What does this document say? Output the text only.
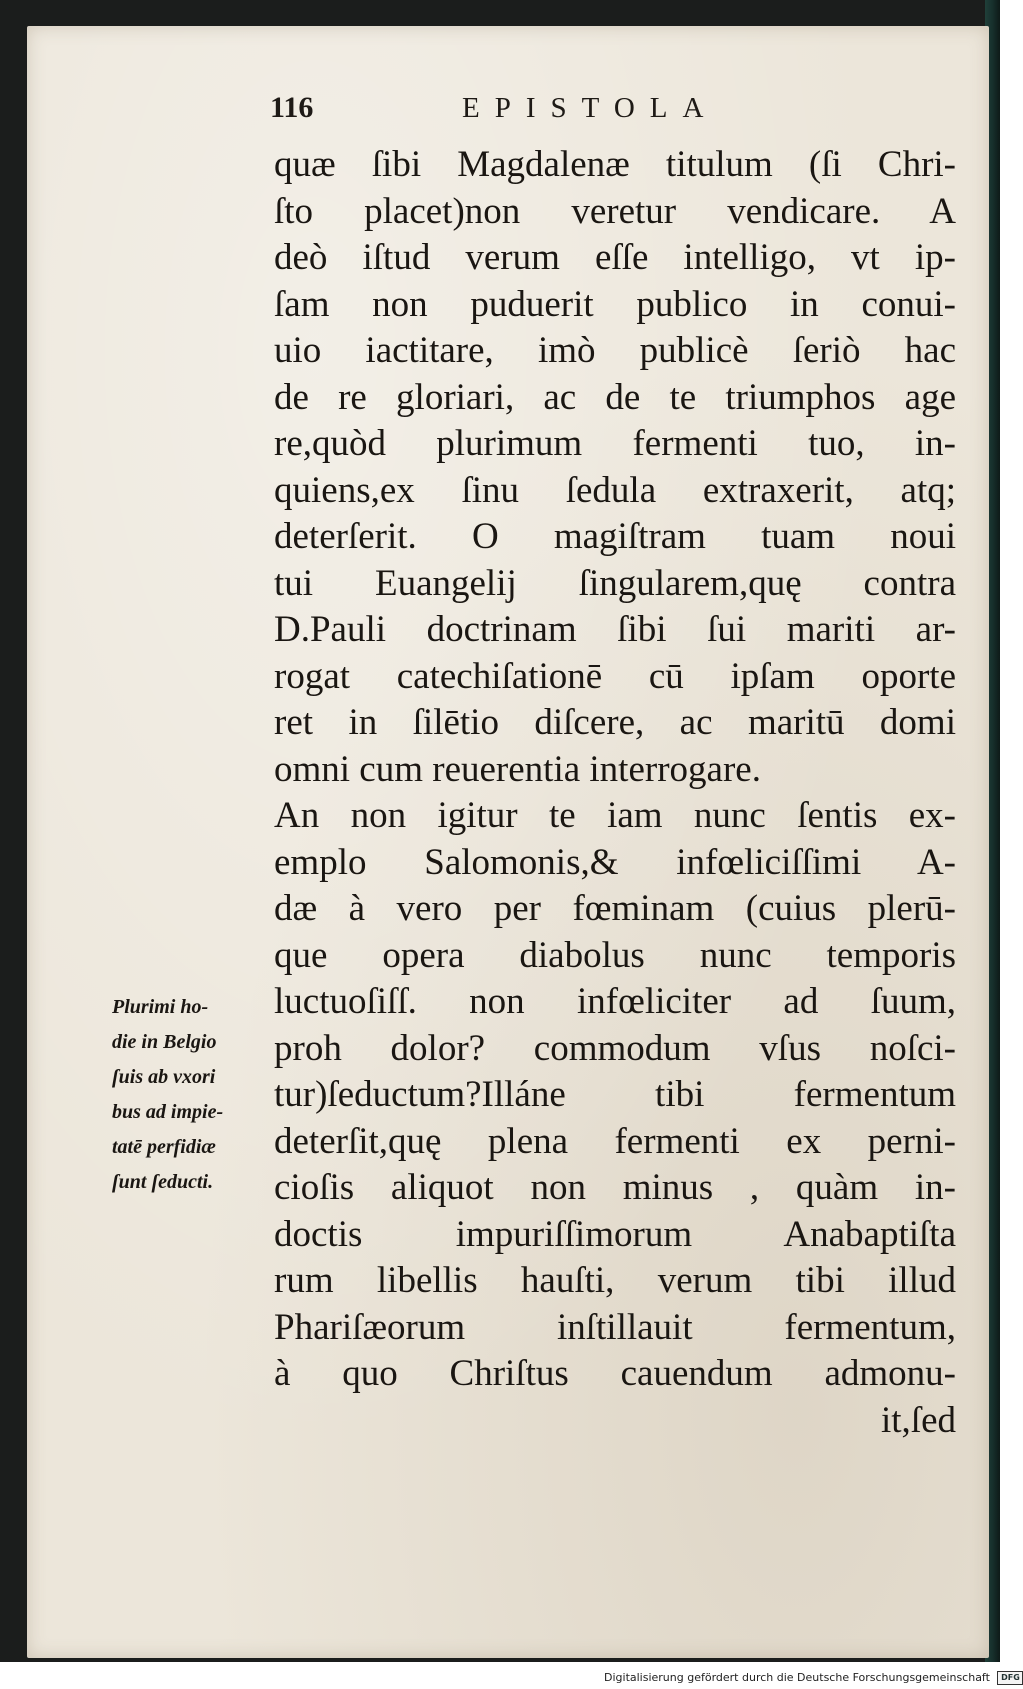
116	EPISTOLA
quæ ſibi Magdalenæ titulum (ſi Chri-
ſto placet)non veretur vendicare. A
deò iſtud verum eſſe intelligo, vt ip-
ſam non puduerit publico in conui-
uio iactitare, imò publicè ſeriò hac
de re gloriari, ac de te triumphos age
re,quòd plurimum fermenti tuo, in-
quiens,ex ſinu ſedula extraxerit, atq;
deterſerit. O magiſtram tuam noui
tui Euangelij ſingularem,quę contra
D.Pauli doctrinam ſibi ſui mariti ar-
rogat catechiſationē cū ipſam oporte
ret in ſilētio diſcere, ac maritū domi
omni cum reuerentia interrogare.
An non igitur te iam nunc ſentis ex-
emplo Salomonis,& infœliciſſimi A-
dæ à vero per fœminam (cuius plerū-
que opera diabolus nunc temporis
luctuoſiſſ. non infœliciter ad ſuum,
proh dolor? commodum vſus noſci-
tur)ſeductum?Illáne tibi fermentum
deterſit,quę plena fermenti ex perni-
cioſis aliquot non minus , quàm in-
doctis impuriſſimorum Anabaptiſta
rum libellis hauſti, verum tibi illud
Phariſæorum inſtillauit fermentum,
à quo Chriſtus cauendum admonu-
it,ſed
Plurimi ho-
die in Belgio
ſuis ab vxori
bus ad impie-
tatē perfidiæ
ſunt ſeducti.
Digitalisierung gefördert durch die Deutsche Forschungsgemeinschaft DFG
